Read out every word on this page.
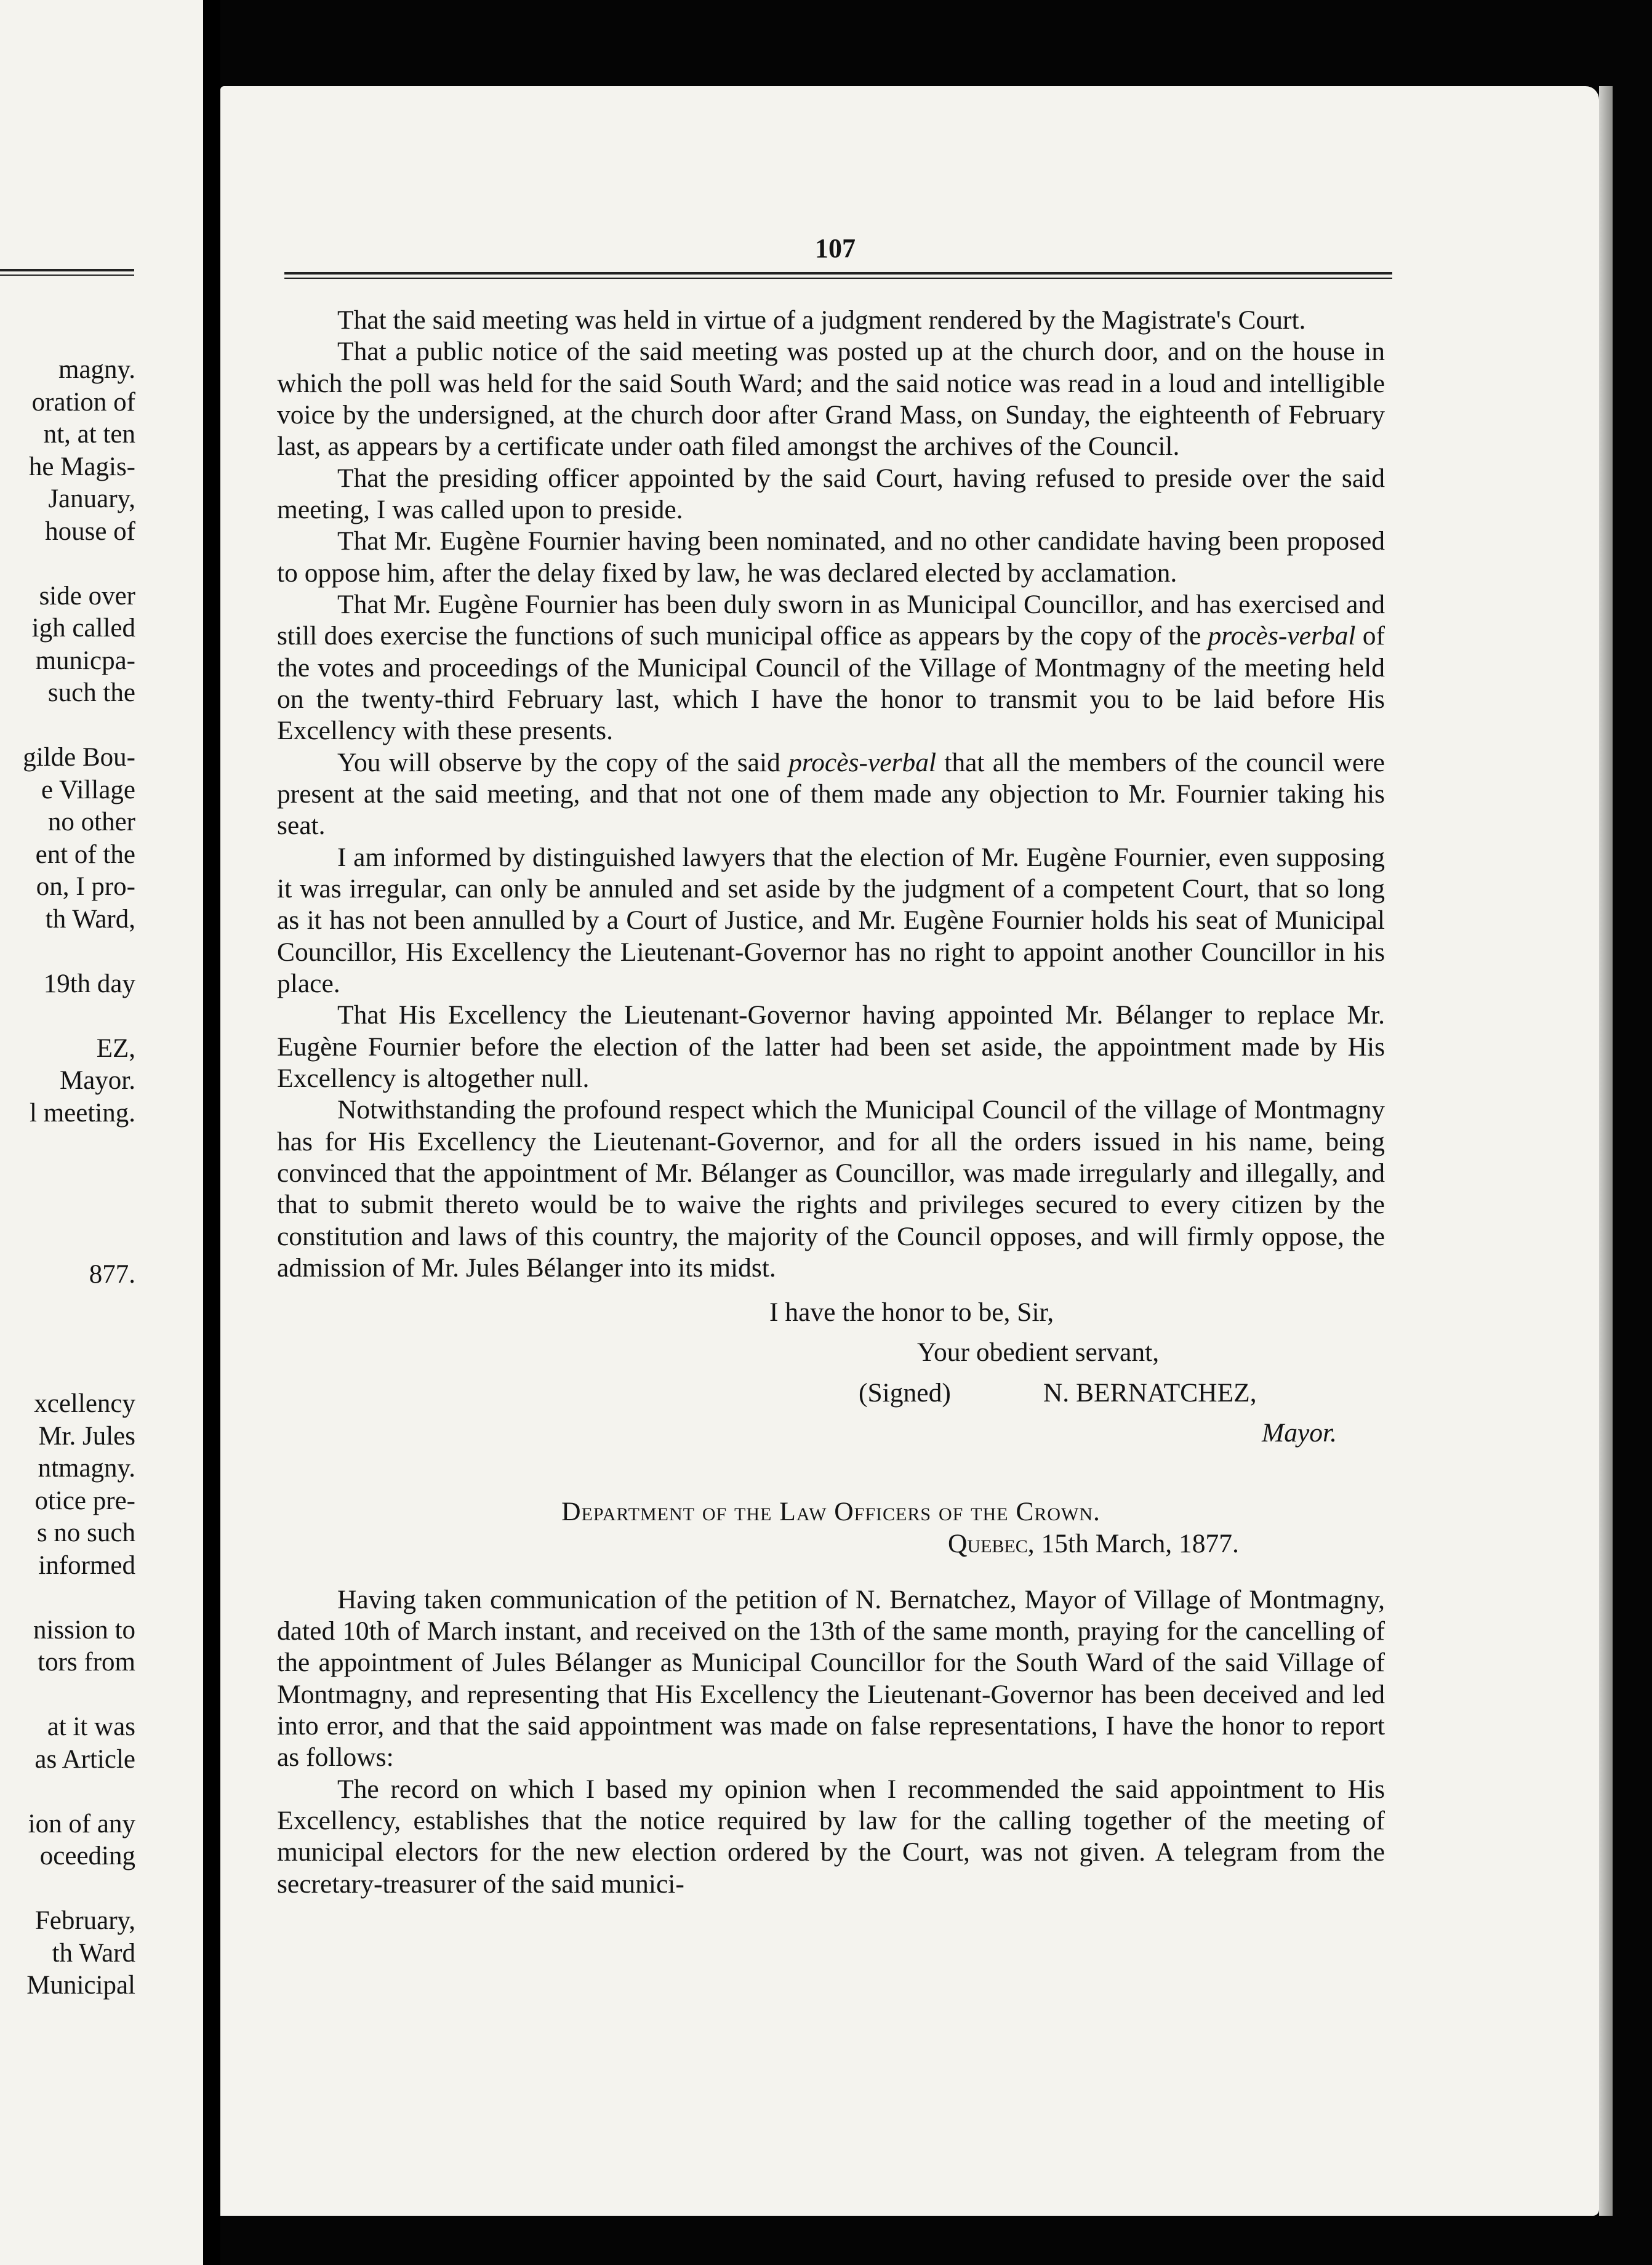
magny.
oration of
nt, at ten
he Magis-
January,
house of
side over
igh called
municpa-
such the
gilde Bou-
e Village
no other
ent of the
on, I pro-
th Ward,
19th day
EZ,
Mayor.
l meeting.
877.
xcellency
Mr. Jules
ntmagny.
otice pre-
s no such
informed
nission to
tors from
at it was
as Article
ion of any
oceeding
February,
th Ward
Municipal
107

That the said meeting was held in virtue of a judgment rendered by the Magistrate's Court.

That a public notice of the said meeting was posted up at the church door, and on the house in which the poll was held for the said South Ward; and the said notice was read in a loud and intelligible voice by the undersigned, at the church door after Grand Mass, on Sunday, the eighteenth of February last, as appears by a certificate under oath filed amongst the archives of the Council.

That the presiding officer appointed by the said Court, having refused to preside over the said meeting, I was called upon to preside.

That Mr. Eugène Fournier having been nominated, and no other candidate having been proposed to oppose him, after the delay fixed by law, he was declared elected by acclamation.

That Mr. Eugène Fournier has been duly sworn in as Municipal Councillor, and has exercised and still does exercise the functions of such municipal office as appears by the copy of the procès-verbal of the votes and proceedings of the Municipal Council of the Village of Montmagny of the meeting held on the twenty-third February last, which I have the honor to transmit you to be laid before His Excellency with these presents.

You will observe by the copy of the said procès-verbal that all the members of the council were present at the said meeting, and that not one of them made any objection to Mr. Fournier taking his seat.

I am informed by distinguished lawyers that the election of Mr. Eugène Fournier, even supposing it was irregular, can only be annuled and set aside by the judgment of a competent Court, that so long as it has not been annulled by a Court of Justice, and Mr. Eugène Fournier holds his seat of Municipal Councillor, His Excellency the Lieutenant-Governor has no right to appoint another Councillor in his place.

That His Excellency the Lieutenant-Governor having appointed Mr. Bélanger to replace Mr. Eugène Fournier before the election of the latter had been set aside, the appointment made by His Excellency is altogether null.

Notwithstanding the profound respect which the Municipal Council of the village of Montmagny has for His Excellency the Lieutenant-Governor, and for all the orders issued in his name, being convinced that the appointment of Mr. Bélanger as Councillor, was made irregularly and illegally, and that to submit thereto would be to waive the rights and privileges secured to every citizen by the constitution and laws of this country, the majority of the Council opposes, and will firmly oppose, the admission of Mr. Jules Bélanger into its midst.

I have the honor to be, Sir,
Your obedient servant,
(Signed)	N. BERNATCHEZ,
Mayor.
Department of the Law Officers of the Crown.
Quebec, 15th March, 1877.

Having taken communication of the petition of N. Bernatchez, Mayor of Village of Montmagny, dated 10th of March instant, and received on the 13th of the same month, praying for the cancelling of the appointment of Jules Bélanger as Municipal Councillor for the South Ward of the said Village of Montmagny, and representing that His Excellency the Lieutenant-Governor has been deceived and led into error, and that the said appointment was made on false representations, I have the honor to report as follows:

The record on which I based my opinion when I recommended the said appointment to His Excellency, establishes that the notice required by law for the calling together of the meeting of municipal electors for the new election ordered by the Court, was not given. A telegram from the secretary-treasurer of the said munici-
